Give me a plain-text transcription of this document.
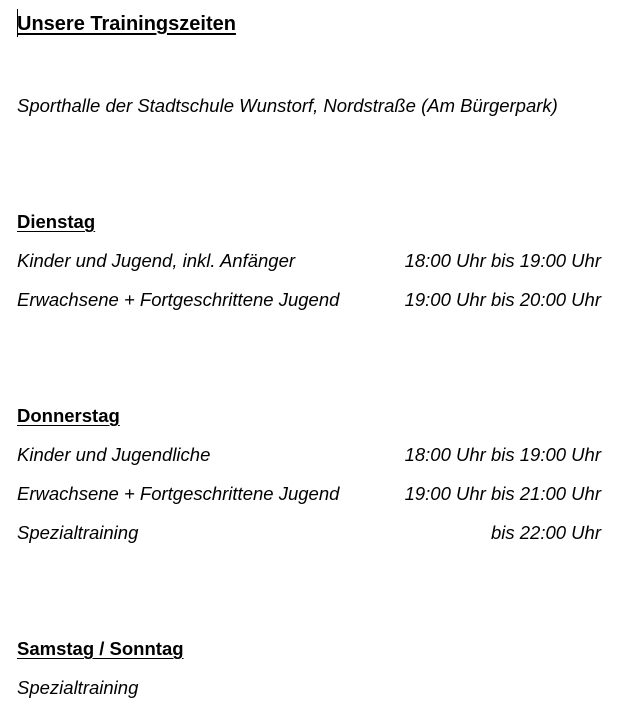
Unsere Trainingszeiten
Sporthalle der Stadtschule Wunstorf, Nordstraße (Am Bürgerpark)
Dienstag
Kinder und Jugend, inkl. Anfänger	18:00 Uhr bis 19:00 Uhr
Erwachsene + Fortgeschrittene Jugend	19:00 Uhr bis 20:00 Uhr
Donnerstag
Kinder und Jugendliche	18:00 Uhr bis 19:00 Uhr
Erwachsene + Fortgeschrittene Jugend	19:00 Uhr bis 21:00 Uhr
Spezialtraining	bis 22:00 Uhr
Samstag / Sonntag
Spezialtraining
